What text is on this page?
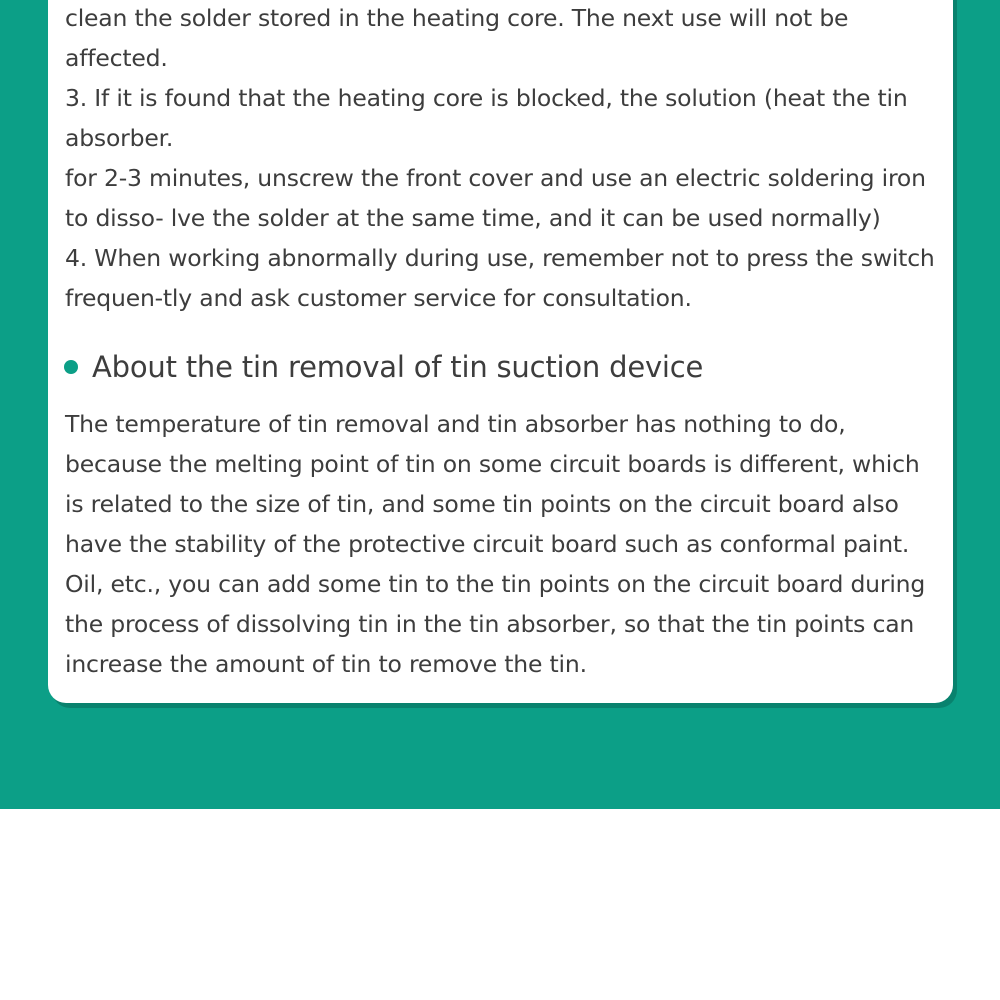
clean the solder stored in the heating core. The next use will not be
affected.
3. If it is found that the heating core is blocked, the solution (heat the tin
absorber.
for 2-3 minutes, unscrew the front cover and use an electric soldering iron
to disso- lve the solder at the same time, and it can be used normally)
4. When working abnormally during use, remember not to press the switch
frequen-tly and ask customer service for consultation.
About the tin removal of tin suction device
The temperature of tin removal and tin absorber has nothing to do,
because the melting point of tin on some circuit boards is different, which
is related to the size of tin, and some tin points on the circuit board also
have the stability of the protective circuit board such as conformal paint.
Oil, etc., you can add some tin to the tin points on the circuit board during
the process of dissolving tin in the tin absorber, so that the tin points can
increase the amount of tin to remove the tin.
